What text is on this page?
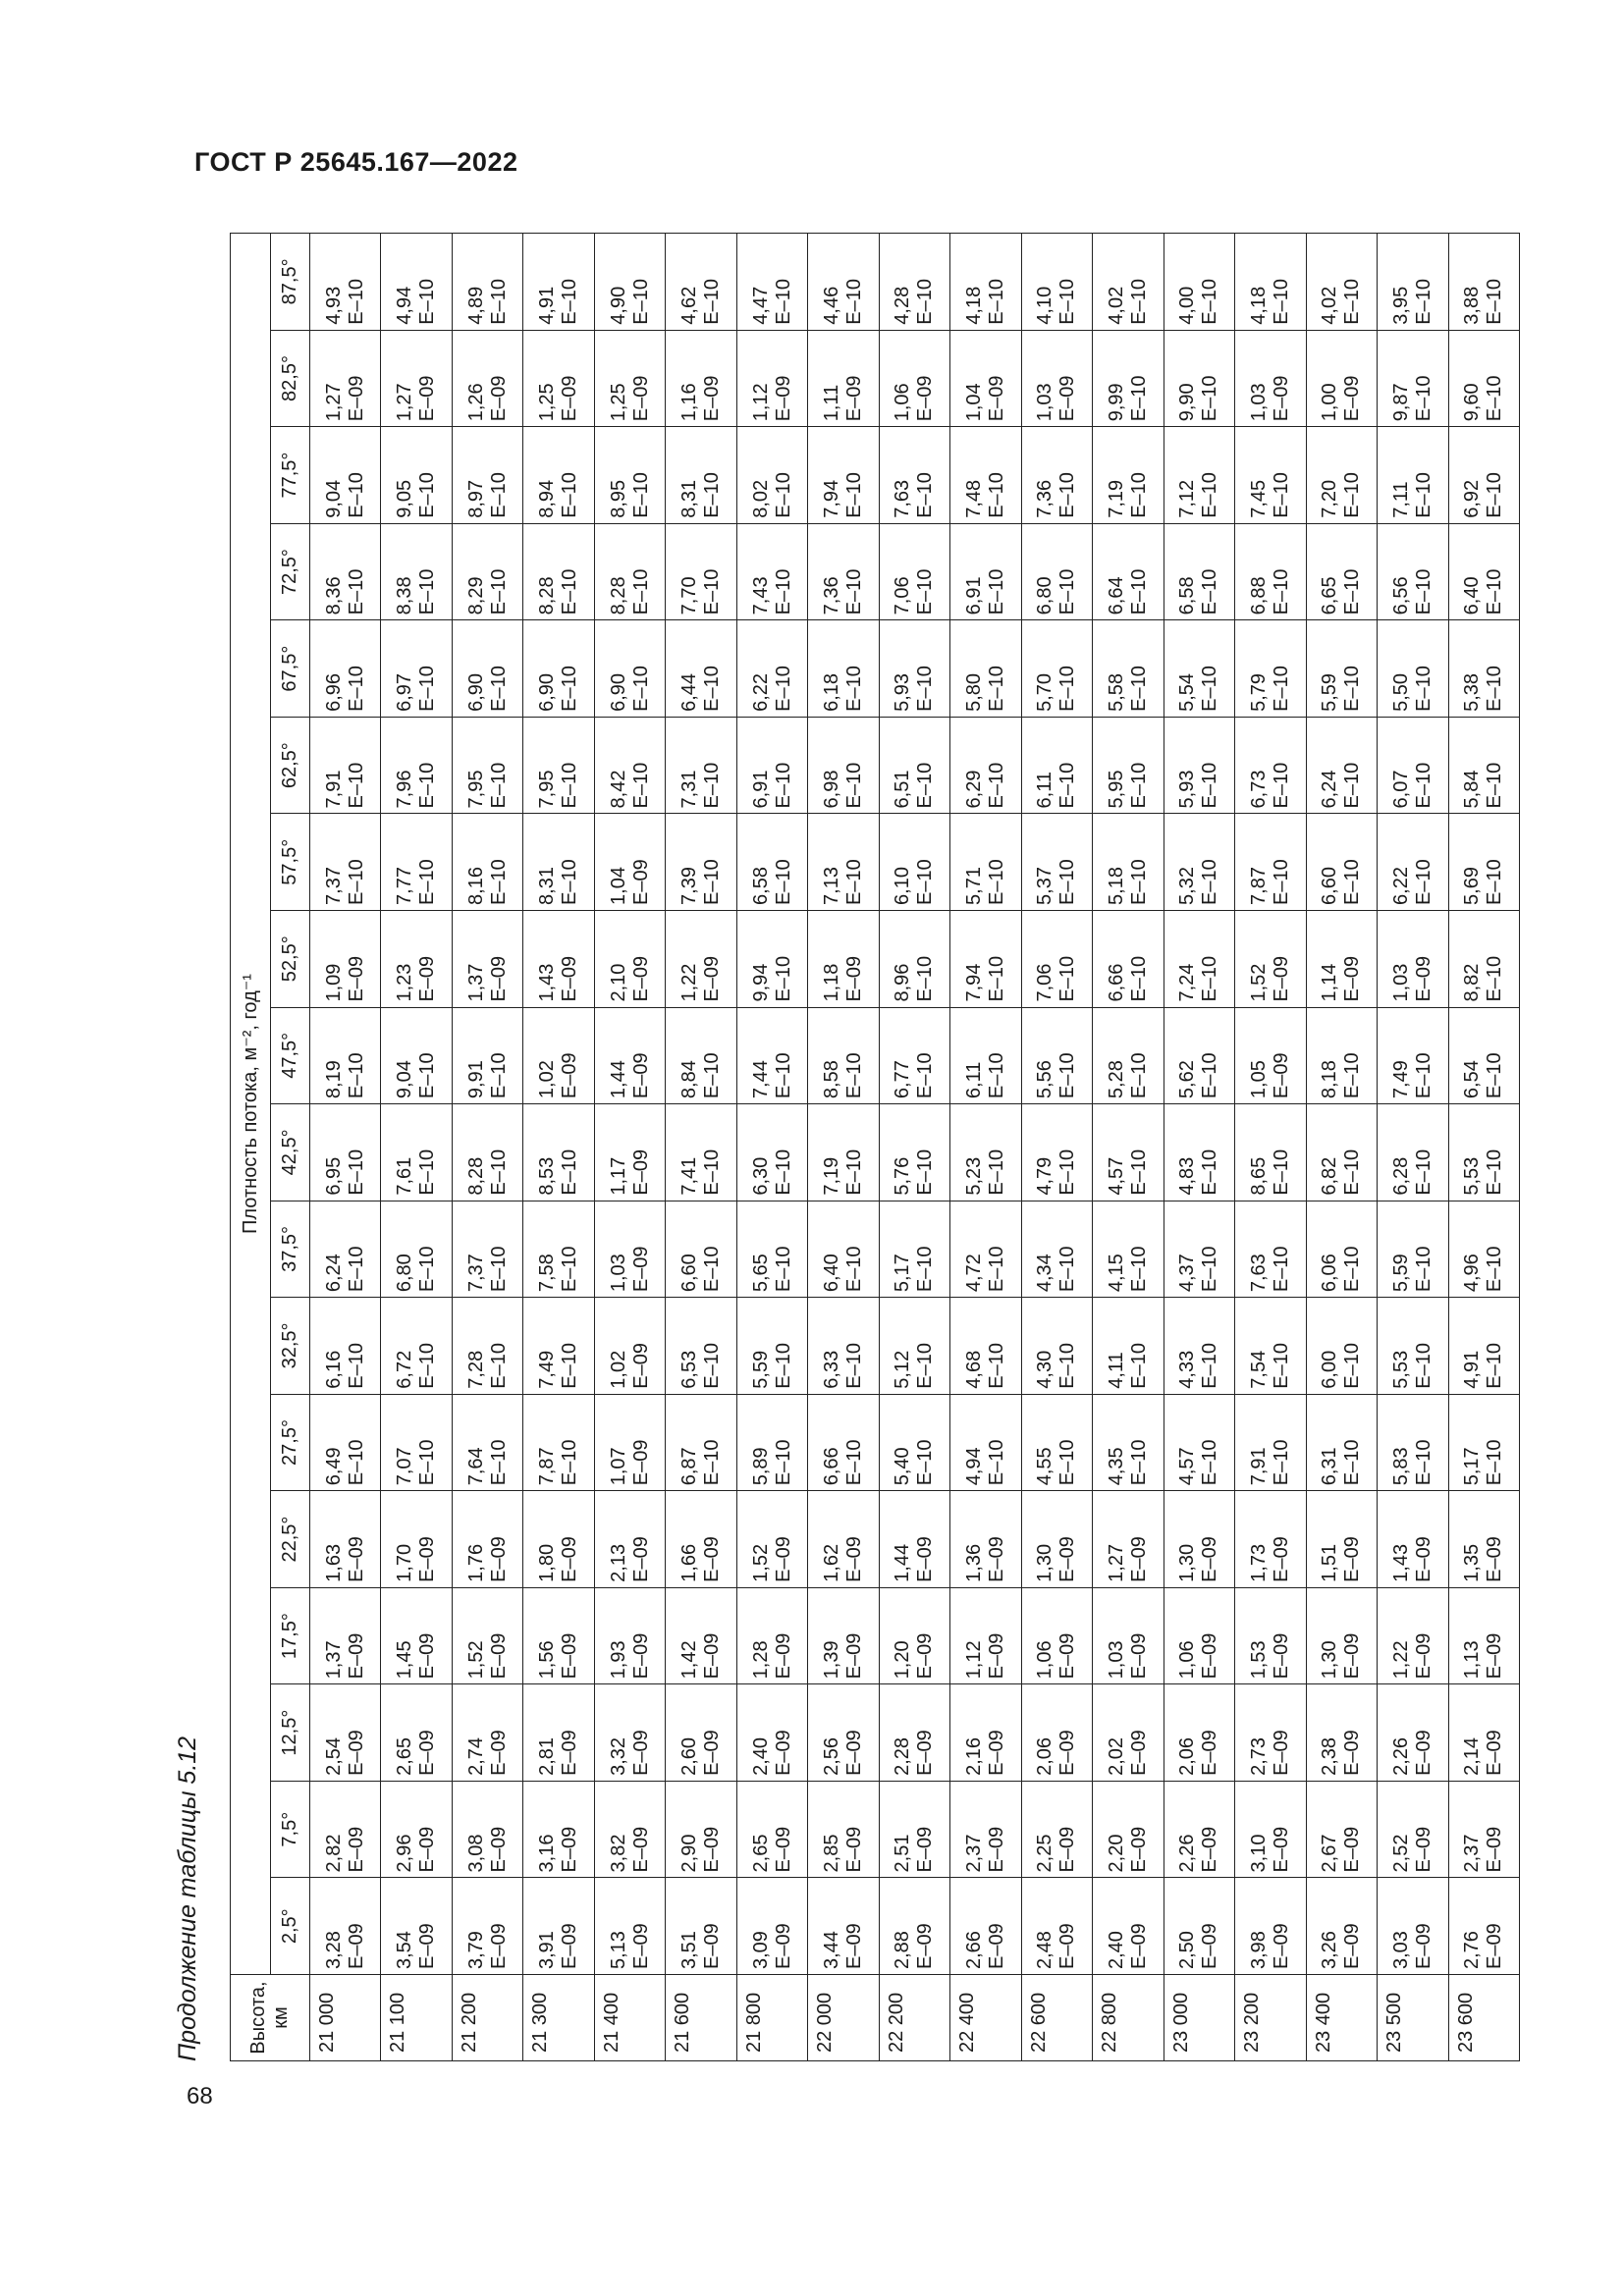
ГОСТ Р 25645.167—2022
68
Продолжение таблицы 5.12 Высота, км	Плотность потока, м⁻², год⁻¹																	
	2,5°	7,5°	12,5°	17,5°	22,5°	27,5°	32,5°	37,5°	42,5°	47,5°	52,5°	57,5°	62,5°	67,5°	72,5°	77,5°	82,5°	87,5°
21 000	3,28 E–09	2,82 E–09	2,54 E–09	1,37 E–09	1,63 E–09	6,49 E–10	6,16 E–10	6,24 E–10	6,95 E–10	8,19 E–10	1,09 E–09	7,37 E–10	7,91 E–10	6,96 E–10	8,36 E–10	9,04 E–10	1,27 E–09	4,93 E–10

21 100	3,54 E–09	2,96 E–09	2,65 E–09	1,45 E–09	1,70 E–09	7,07 E–10	6,72 E–10	6,80 E–10	7,61 E–10	9,04 E–10	1,23 E–09	7,77 E–10	7,96 E–10	6,97 E–10	8,38 E–10	9,05 E–10	1,27 E–09	4,94 E–10

21 200	3,79 E–09	3,08 E–09	2,74 E–09	1,52 E–09	1,76 E–09	7,64 E–10	7,28 E–10	7,37 E–10	8,28 E–10	9,91 E–10	1,37 E–09	8,16 E–10	7,95 E–10	6,90 E–10	8,29 E–10	8,97 E–10	1,26 E–09	4,89 E–10

21 300	3,91 E–09	3,16 E–09	2,81 E–09	1,56 E–09	1,80 E–09	7,87 E–10	7,49 E–10	7,58 E–10	8,53 E–10	1,02 E–09	1,43 E–09	8,31 E–10	7,95 E–10	6,90 E–10	8,28 E–10	8,94 E–10	1,25 E–09	4,91 E–10

21 400	5,13 E–09	3,82 E–09	3,32 E–09	1,93 E–09	2,13 E–09	1,07 E–09	1,02 E–09	1,03 E–09	1,17 E–09	1,44 E–09	2,10 E–09	1,04 E–09	8,42 E–10	6,90 E–10	8,28 E–10	8,95 E–10	1,25 E–09	4,90 E–10

21 600	3,51 E–09	2,90 E–09	2,60 E–09	1,42 E–09	1,66 E–09	6,87 E–10	6,53 E–10	6,60 E–10	7,41 E–10	8,84 E–10	1,22 E–09	7,39 E–10	7,31 E–10	6,44 E–10	7,70 E–10	8,31 E–10	1,16 E–09	4,62 E–10

21 800	3,09 E–09	2,65 E–09	2,40 E–09	1,28 E–09	1,52 E–09	5,89 E–10	5,59 E–10	5,65 E–10	6,30 E–10	7,44 E–10	9,94 E–10	6,58 E–10	6,91 E–10	6,22 E–10	7,43 E–10	8,02 E–10	1,12 E–09	4,47 E–10

22 000	3,44 E–09	2,85 E–09	2,56 E–09	1,39 E–09	1,62 E–09	6,66 E–10	6,33 E–10	6,40 E–10	7,19 E–10	8,58 E–10	1,18 E–09	7,13 E–10	6,98 E–10	6,18 E–10	7,36 E–10	7,94 E–10	1,11 E–09	4,46 E–10

22 200	2,88 E–09	2,51 E–09	2,28 E–09	1,20 E–09	1,44 E–09	5,40 E–10	5,12 E–10	5,17 E–10	5,76 E–10	6,77 E–10	8,96 E–10	6,10 E–10	6,51 E–10	5,93 E–10	7,06 E–10	7,63 E–10	1,06 E–09	4,28 E–10

22 400	2,66 E–09	2,37 E–09	2,16 E–09	1,12 E–09	1,36 E–09	4,94 E–10	4,68 E–10	4,72 E–10	5,23 E–10	6,11 E–10	7,94 E–10	5,71 E–10	6,29 E–10	5,80 E–10	6,91 E–10	7,48 E–10	1,04 E–09	4,18 E–10

22 600	2,48 E–09	2,25 E–09	2,06 E–09	1,06 E–09	1,30 E–09	4,55 E–10	4,30 E–10	4,34 E–10	4,79 E–10	5,56 E–10	7,06 E–10	5,37 E–10	6,11 E–10	5,70 E–10	6,80 E–10	7,36 E–10	1,03 E–09	4,10 E–10

22 800	2,40 E–09	2,20 E–09	2,02 E–09	1,03 E–09	1,27 E–09	4,35 E–10	4,11 E–10	4,15 E–10	4,57 E–10	5,28 E–10	6,66 E–10	5,18 E–10	5,95 E–10	5,58 E–10	6,64 E–10	7,19 E–10	9,99 E–10	4,02 E–10

23 000	2,50 E–09	2,26 E–09	2,06 E–09	1,06 E–09	1,30 E–09	4,57 E–10	4,33 E–10	4,37 E–10	4,83 E–10	5,62 E–10	7,24 E–10	5,32 E–10	5,93 E–10	5,54 E–10	6,58 E–10	7,12 E–10	9,90 E–10	4,00 E–10

23 200	3,98 E–09	3,10 E–09	2,73 E–09	1,53 E–09	1,73 E–09	7,91 E–10	7,54 E–10	7,63 E–10	8,65 E–10	1,05 E–09	1,52 E–09	7,87 E–10	6,73 E–10	5,79 E–10	6,88 E–10	7,45 E–10	1,03 E–09	4,18 E–10

23 400	3,26 E–09	2,67 E–09	2,38 E–09	1,30 E–09	1,51 E–09	6,31 E–10	6,00 E–10	6,06 E–10	6,82 E–10	8,18 E–10	1,14 E–09	6,60 E–10	6,24 E–10	5,59 E–10	6,65 E–10	7,20 E–10	1,00 E–09	4,02 E–10

23 500	3,03 E–09	2,52 E–09	2,26 E–09	1,22 E–09	1,43 E–09	5,83 E–10	5,53 E–10	5,59 E–10	6,28 E–10	7,49 E–10	1,03 E–09	6,22 E–10	6,07 E–10	5,50 E–10	6,56 E–10	7,11 E–10	9,87 E–10	3,95 E–10

23 600	2,76 E–09	2,37 E–09	2,14 E–09	1,13 E–09	1,35 E–09	5,17 E–10	4,91 E–10	4,96 E–10	5,53 E–10	6,54 E–10	8,82 E–10	5,69 E–10	5,84 E–10	5,38 E–10	6,40 E–10	6,92 E–10	9,60 E–10	3,88 E–10
